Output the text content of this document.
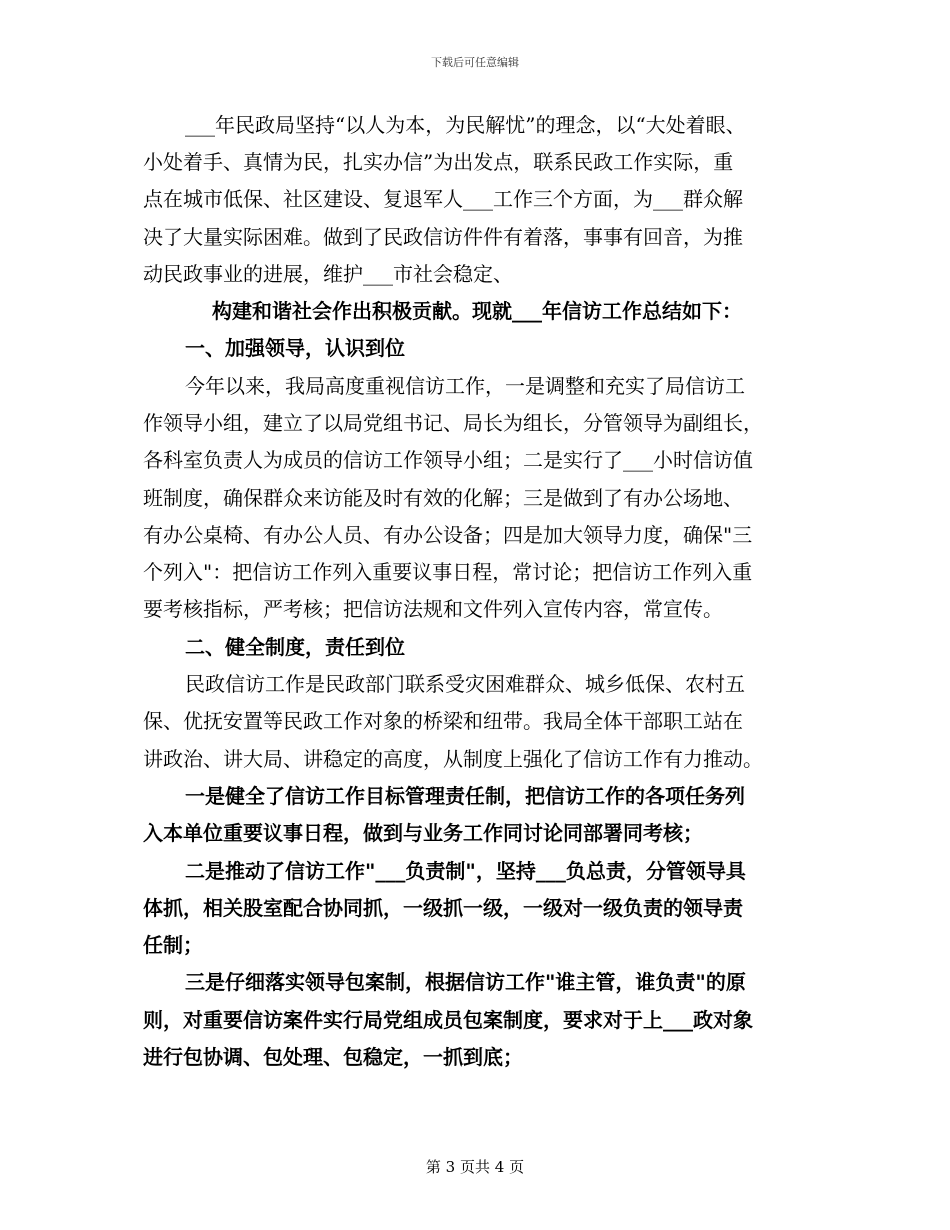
下载后可任意编辑
___年民政局坚持“以人为本，为民解忧”的理念，以“大处着眼、
小处着手、真情为民，扎实办信”为出发点，联系民政工作实际，重
点在城市低保、社区建设、复退军人___工作三个方面，为___群众解
决了大量实际困难。做到了民政信访件件有着落，事事有回音，为推
动民政事业的进展，维护___市社会稳定、
构建和谐社会作出积极贡献。现就___年信访工作总结如下：
一、加强领导，认识到位
今年以来，我局高度重视信访工作，一是调整和充实了局信访工
作领导小组，建立了以局党组书记、局长为组长，分管领导为副组长，
各科室负责人为成员的信访工作领导小组；二是实行了___小时信访值
班制度，确保群众来访能及时有效的化解；三是做到了有办公场地、
有办公桌椅、有办公人员、有办公设备；四是加大领导力度，确保"三
个列入"：把信访工作列入重要议事日程，常讨论；把信访工作列入重
要考核指标，严考核；把信访法规和文件列入宣传内容，常宣传。
二、健全制度，责任到位
民政信访工作是民政部门联系受灾困难群众、城乡低保、农村五
保、优抚安置等民政工作对象的桥梁和纽带。我局全体干部职工站在
讲政治、讲大局、讲稳定的高度，从制度上强化了信访工作有力推动。
一是健全了信访工作目标管理责任制，把信访工作的各项任务列
入本单位重要议事日程，做到与业务工作同讨论同部署同考核；
二是推动了信访工作"___负责制"，坚持___负总责，分管领导具
体抓，相关股室配合协同抓，一级抓一级，一级对一级负责的领导责
任制；
三是仔细落实领导包案制，根据信访工作"谁主管，谁负责"的原
则，对重要信访案件实行局党组成员包案制度，要求对于上___政对象
进行包协调、包处理、包稳定，一抓到底；
第 3 页共 4 页
